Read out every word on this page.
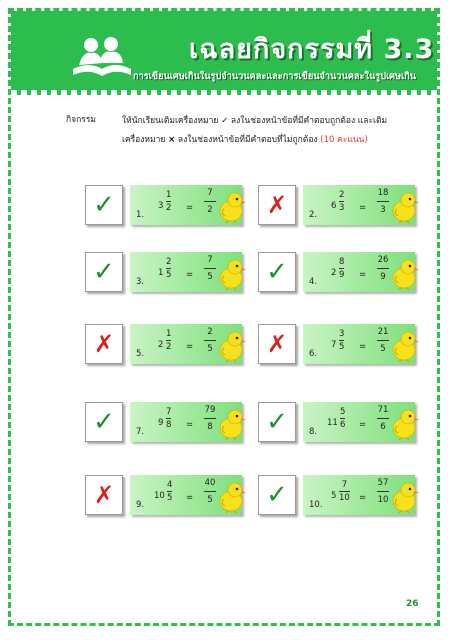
เฉลยกิจกรรมที่ 3.3
การเขียนเศษเกินในรูปจำนวนคละและการเขียนจำนวนคละในรูปเศษเกิน
กิจกรรม	ให้นักเรียนเติมเครื่องหมาย ✓ ลงในช่องหน้าข้อที่มีคำตอบถูกต้อง และเติม
เครื่องหมาย × ลงในช่องหน้าข้อที่มีคำตอบที่ไม่ถูกต้อง (10 คะแนน)
✓ 1.
3
1
2 =
7
2 ✗	2.
6
2
3 =
18
3
✓ 3.
1
2
5 =
7
5 ✓ 4.
2
8
9 =
26
9
✗	5.
2
1
2 =
2
5 ✗	6.
7
3
5 =
21
5
✓ 7.
9
7
8 =
79
8 ✓ 8.
11
5
6 =
71
6
✗	9.
10
4
5 =
40
5 ✓ 10.
5
7
10 =
57
10
26
